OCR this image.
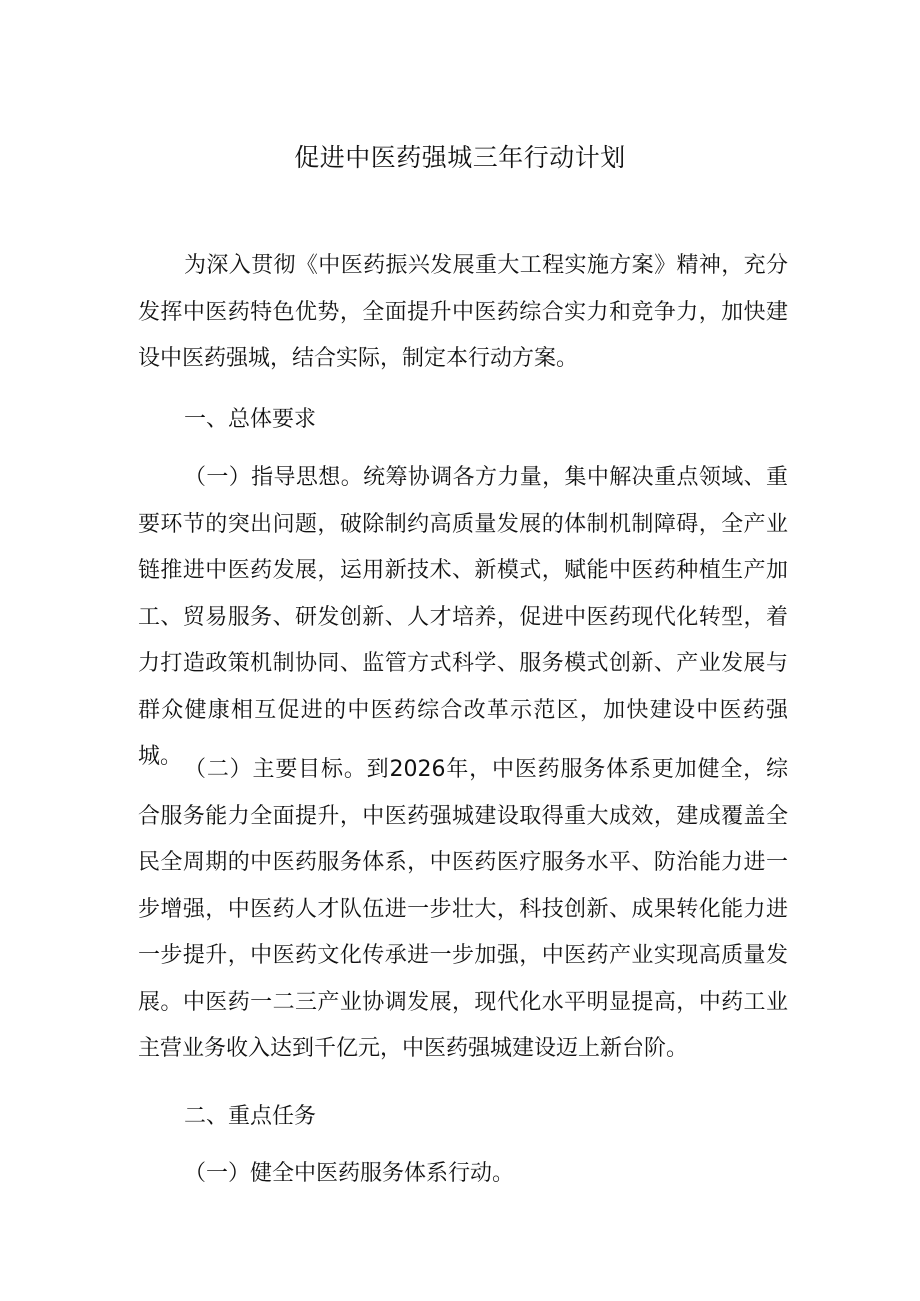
促进中医药强城三年行动计划

为深入贯彻《中医药振兴发展重大工程实施方案》精神，充分发挥中医药特色优势，全面提升中医药综合实力和竞争力，加快建设中医药强城，结合实际，制定本行动方案。

一、总体要求

（一）指导思想。统筹协调各方力量，集中解决重点领域、重要环节的突出问题，破除制约高质量发展的体制机制障碍，全产业链推进中医药发展，运用新技术、新模式，赋能中医药种植生产加工、贸易服务、研发创新、人才培养，促进中医药现代化转型，着力打造政策机制协同、监管方式科学、服务模式创新、产业发展与群众健康相互促进的中医药综合改革示范区，加快建设中医药强城。

（二）主要目标。到2026年，中医药服务体系更加健全，综合服务能力全面提升，中医药强城建设取得重大成效，建成覆盖全民全周期的中医药服务体系，中医药医疗服务水平、防治能力进一步增强，中医药人才队伍进一步壮大，科技创新、成果转化能力进一步提升，中医药文化传承进一步加强，中医药产业实现高质量发展。中医药一二三产业协调发展，现代化水平明显提高，中药工业主营业务收入达到千亿元，中医药强城建设迈上新台阶。

二、重点任务

（一）健全中医药服务体系行动。
